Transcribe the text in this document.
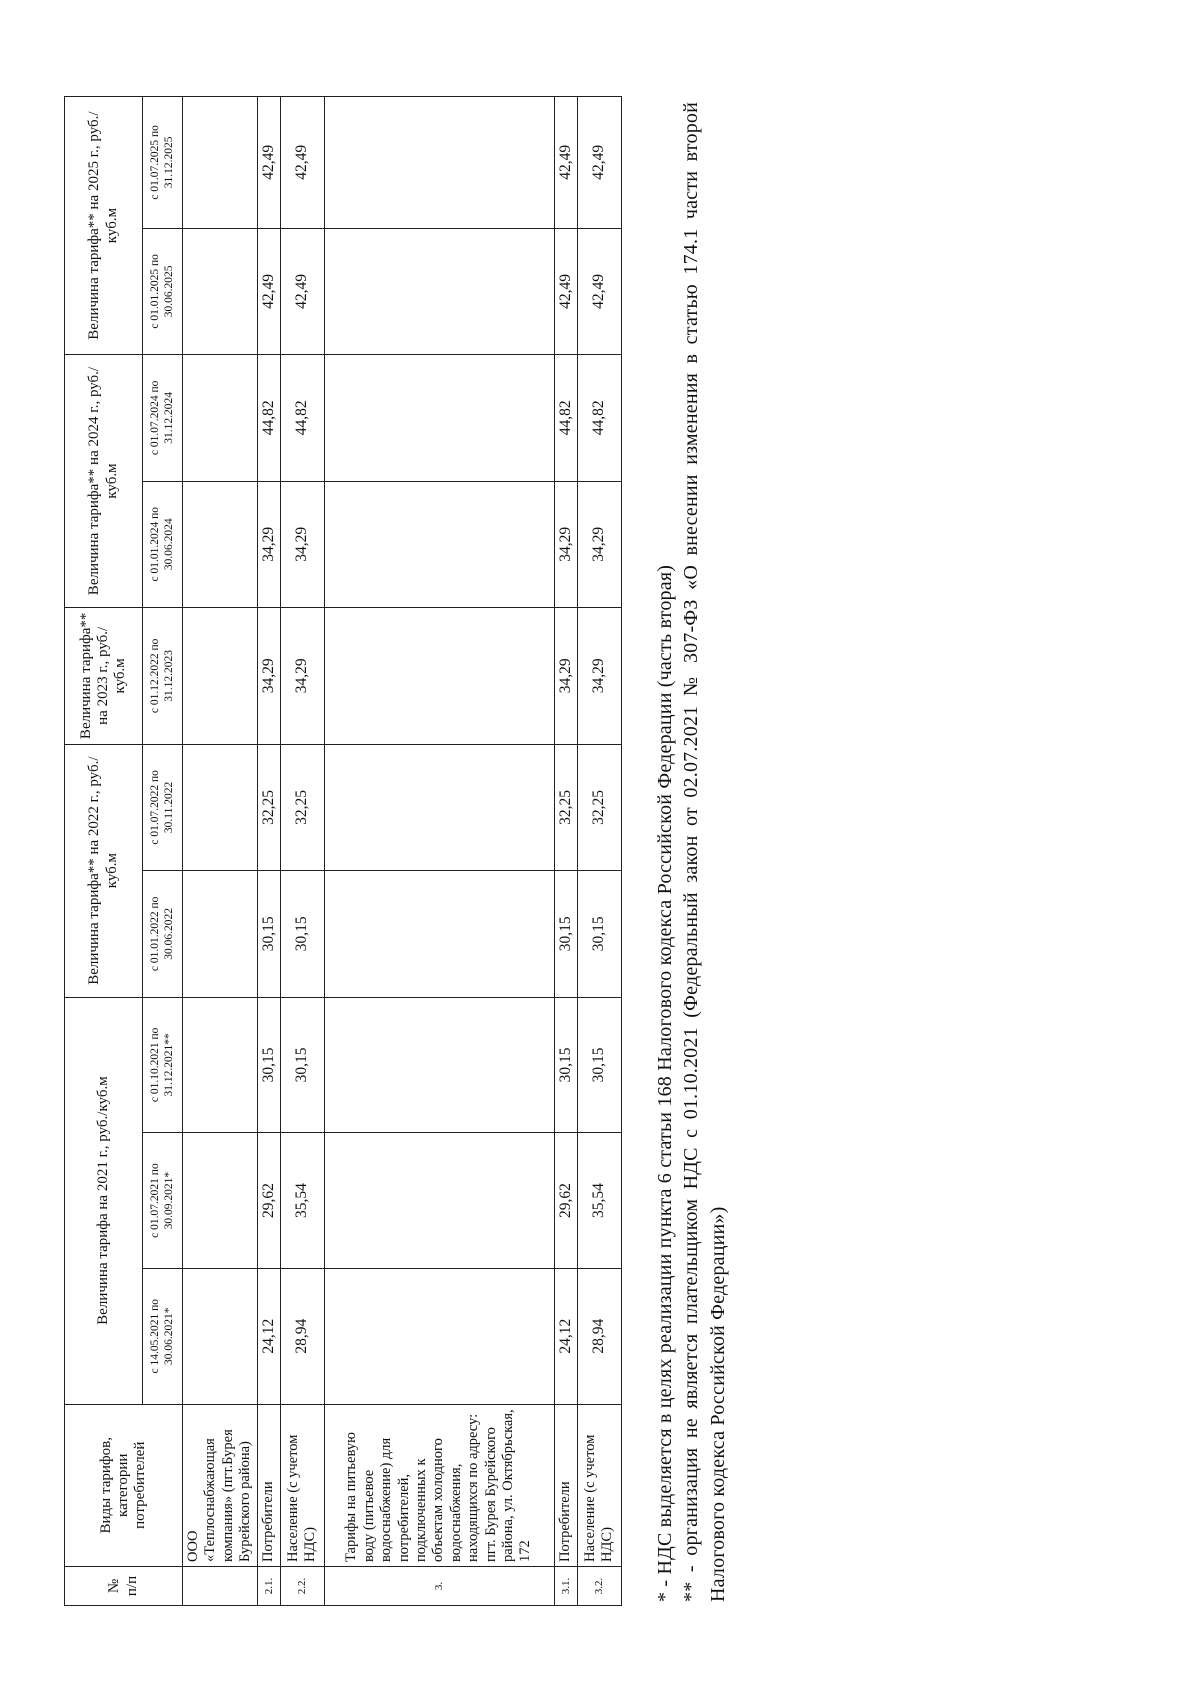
№ п/п	Виды тарифов, категории потребителей	Величина тарифа на 2021 г., руб./куб.м			Величина тарифа** на 2022 г., руб./куб.м		Величина тарифа** на 2023 г., руб./куб.м	Величина тарифа** на 2024 г., руб./куб.м		Величина тарифа** на 2025 г., руб./куб.м	
		с 14.05.2021 по 30.06.2021*	с 01.07.2021 по 30.09.2021*	с 01.10.2021 по 31.12.2021**	с 01.01.2022 по 30.06.2022	с 01.07.2022 по 30.11.2022	с 01.12.2022 по 31.12.2023	с 01.01.2024 по 30.06.2024	с 01.07.2024 по 31.12.2024	с 01.01.2025 по 30.06.2025	с 01.07.2025 по 31.12.2025
	ООО «Теплоснабжающая компания» (пгт.Бурея Бурейского района)										
2.1.	Потребители	24,12	29,62	30,15	30,15	32,25	34,29	34,29	44,82	42,49	42,49
2.2.	Население (с учетом НДС)	28,94	35,54	30,15	30,15	32,25	34,29	34,29	44,82	42,49	42,49
3.	Тарифы на питьевую воду (питьевое водоснабжение) для потребителей, подключенных к объектам холодного водоснабжения, находящихся по адресу: пгт. Бурея Бурейского района, ул. Октябрьская, 172										
3.1.	Потребители	24,12	29,62	30,15	30,15	32,25	34,29	34,29	44,82	42,49	42,49
3.2.	Население (с учетом НДС)	28,94	35,54	30,15	30,15	32,25	34,29	34,29	44,82	42,49	42,49

* - НДС выделяется в целях реализации пункта 6 статьи 168 Налогового кодекса Российской Федерации (часть вторая) ** - организация не является плательщиком НДС с 01.10.2021 (Федеральный закон от 02.07.2021 № 307-ФЗ «О внесении изменения в статью 174.1 части второй Налогового кодекса Российской Федерации»)
